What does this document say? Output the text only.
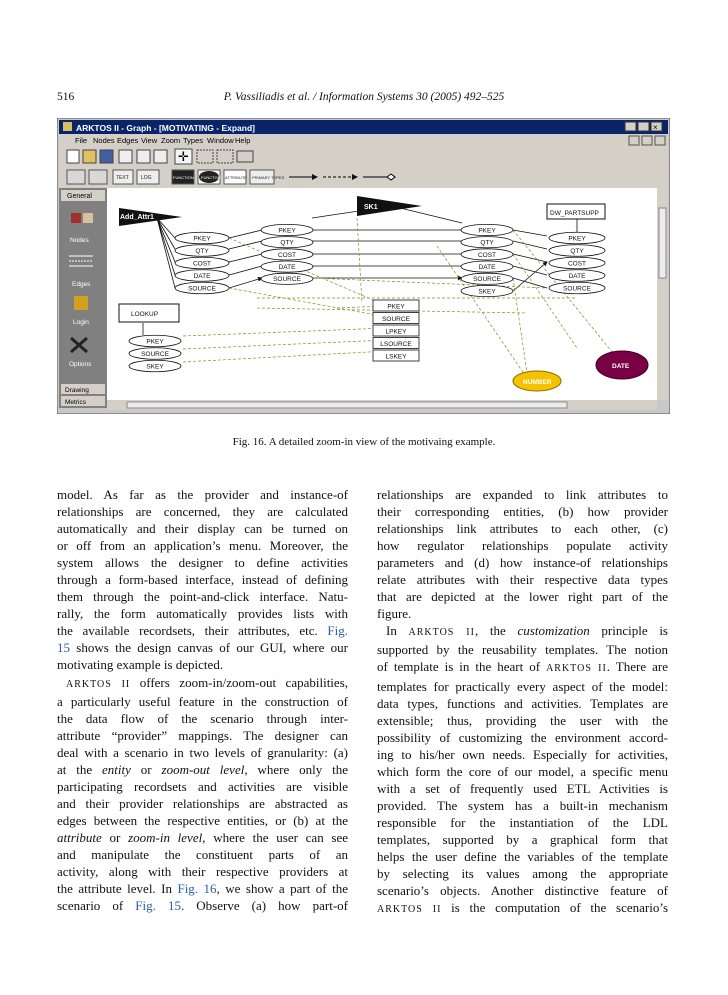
516	P. Vassiliadis et al. / Information Systems 30 (2005) 492–525
ARKTOS II - Graph - [MOTIVATING - Expand]	×
File Nodes Edges View Zoom Types Window Help
✛
TEXT LOG	FUNCTION FUNCTOR ATTRIBUTE PRIMARY TYPES
General
Nodes
Edges
Login
Options
Drawing
Metrics
Add_Attr1
SK1
DW_PARTSUPP
LOOKUP
PKEY
QTY
COST
DATE
SOURCE
PKEY
QTY
COST
DATE
SOURCE
PKEY
QTY
COST
DATE
SOURCE
SKEY
PKEY
QTY
COST
DATE
SOURCE
PKEY
SOURCE
SKEY
PKEY
SOURCE
LPKEY
LSOURCE
LSKEY
NUMBER
DATE
Fig. 16. A detailed zoom-in view of the motivaing example.

model. As far as the provider and instance-of

relationships are concerned, they are calculated

automatically and their display can be turned on

or off from an application’s menu. Moreover, the

system allows the designer to define activities

through a form-based interface, instead of defining

them through the point-and-click interface. Natu-

rally, the form automatically provides lists with

the available recordsets, their attributes, etc. Fig.

15 shows the design canvas of our GUI, where our

motivating example is depicted.

ARKTOS II offers zoom-in/zoom-out capabilities,

a particularly useful feature in the construction of

the data flow of the scenario through inter-

attribute “provider” mappings. The designer can

deal with a scenario in two levels of granularity: (a)

at the entity or zoom-out level, where only the

participating recordsets and activities are visible

and their provider relationships are abstracted as

edges between the respective entities, or (b) at the

attribute or zoom-in level, where the user can see

and manipulate the constituent parts of an

activity, along with their respective providers at

the attribute level. In Fig. 16, we show a part of the

scenario of Fig. 15. Observe (a) how part-of

relationships are expanded to link attributes to

their corresponding entities, (b) how provider

relationships link attributes to each other, (c)

how regulator relationships populate activity

parameters and (d) how instance-of relationships

relate attributes with their respective data types

that are depicted at the lower right part of the

figure.

In ARKTOS II, the customization principle is

supported by the reusability templates. The notion

of template is in the heart of ARKTOS II. There are

templates for practically every aspect of the model:

data types, functions and activities. Templates are

extensible; thus, providing the user with the

possibility of customizing the environment accord-

ing to his/her own needs. Especially for activities,

which form the core of our model, a specific menu

with a set of frequently used ETL Activities is

provided. The system has a built-in mechanism

responsible for the instantiation of the LDL

templates, supported by a graphical form that

helps the user define the variables of the template

by selecting its values among the appropriate

scenario’s objects. Another distinctive feature of

ARKTOS II is the computation of the scenario’s
